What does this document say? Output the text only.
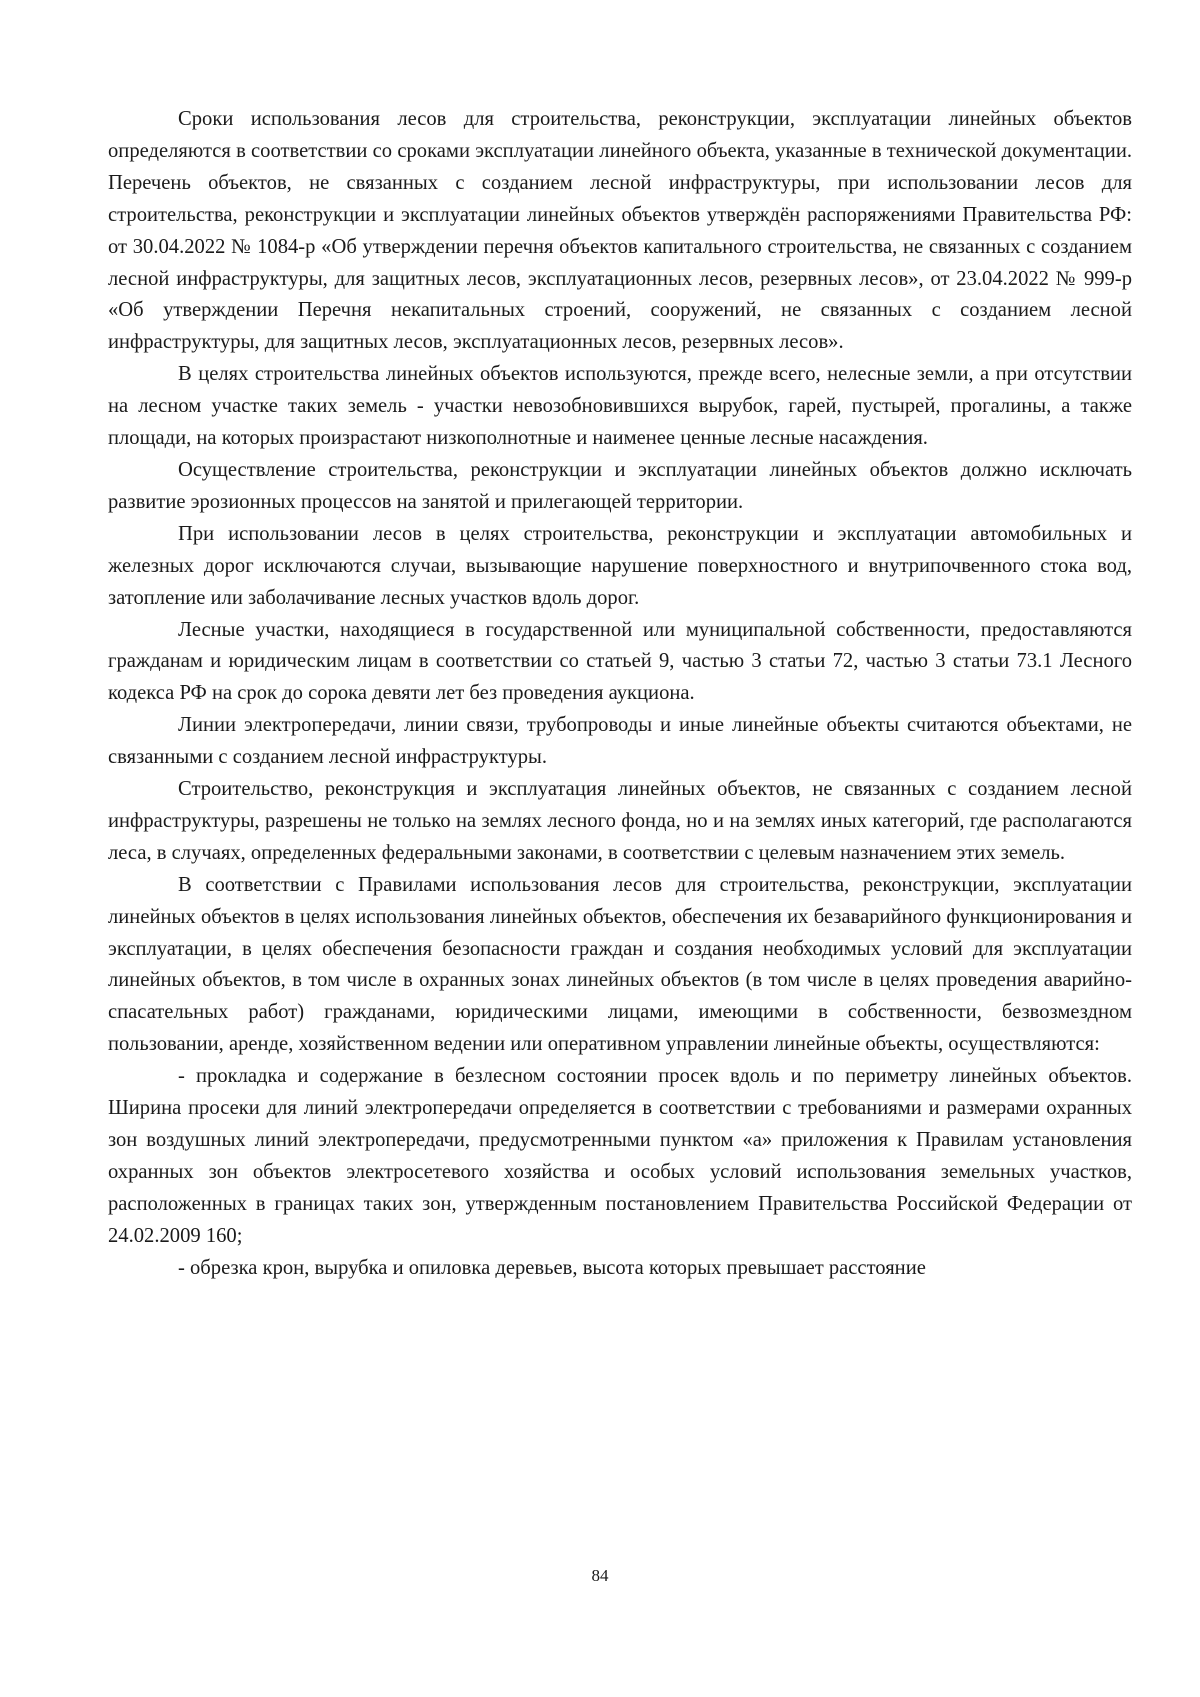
Сроки использования лесов для строительства, реконструкции, эксплуатации линейных объектов определяются в соответствии со сроками эксплуатации линейного объекта, указанные в технической документации. Перечень объектов, не связанных с созданием лесной инфраструктуры, при использовании лесов для строительства, реконструкции и эксплуатации линейных объектов утверждён распоряжениями Правительства РФ: от 30.04.2022 № 1084-р «Об утверждении перечня объектов капитального строительства, не связанных с созданием лесной инфраструктуры, для защитных лесов, эксплуатационных лесов, резервных лесов», от 23.04.2022 № 999-р «Об утверждении Перечня некапитальных строений, сооружений, не связанных с созданием лесной инфраструктуры, для защитных лесов, эксплуатационных лесов, резервных лесов».

В целях строительства линейных объектов используются, прежде всего, нелесные земли, а при отсутствии на лесном участке таких земель - участки невозобновившихся вырубок, гарей, пустырей, прогалины, а также площади, на которых произрастают низкополнотные и наименее ценные лесные насаждения.

Осуществление строительства, реконструкции и эксплуатации линейных объектов должно исключать развитие эрозионных процессов на занятой и прилегающей территории.

При использовании лесов в целях строительства, реконструкции и эксплуатации автомобильных и железных дорог исключаются случаи, вызывающие нарушение поверхностного и внутрипочвенного стока вод, затопление или заболачивание лесных участков вдоль дорог.

Лесные участки, находящиеся в государственной или муниципальной собственности, предоставляются гражданам и юридическим лицам в соответствии со статьей 9, частью 3 статьи 72, частью 3 статьи 73.1 Лесного кодекса РФ на срок до сорока девяти лет без проведения аукциона.

Линии электропередачи, линии связи, трубопроводы и иные линейные объекты считаются объектами, не связанными с созданием лесной инфраструктуры.

Строительство, реконструкция и эксплуатация линейных объектов, не связанных с созданием лесной инфраструктуры, разрешены не только на землях лесного фонда, но и на землях иных категорий, где располагаются леса, в случаях, определенных федеральными законами, в соответствии с целевым назначением этих земель.

В соответствии с Правилами использования лесов для строительства, реконструкции, эксплуатации линейных объектов в целях использования линейных объектов, обеспечения их безаварийного функционирования и эксплуатации, в целях обеспечения безопасности граждан и создания необходимых условий для эксплуатации линейных объектов, в том числе в охранных зонах линейных объектов (в том числе в целях проведения аварийно-спасательных работ) гражданами, юридическими лицами, имеющими в собственности, безвозмездном пользовании, аренде, хозяйственном ведении или оперативном управлении линейные объекты, осуществляются:

- прокладка и содержание в безлесном состоянии просек вдоль и по периметру линейных объектов. Ширина просеки для линий электропередачи определяется в соответствии с требованиями и размерами охранных зон воздушных линий электропередачи, предусмотренными пунктом «а» приложения к Правилам установления охранных зон объектов электросетевого хозяйства и особых условий использования земельных участков, расположенных в границах таких зон, утвержденным постановлением Правительства Российской Федерации от 24.02.2009 160;

- обрезка крон, вырубка и опиловка деревьев, высота которых превышает расстояние

84
